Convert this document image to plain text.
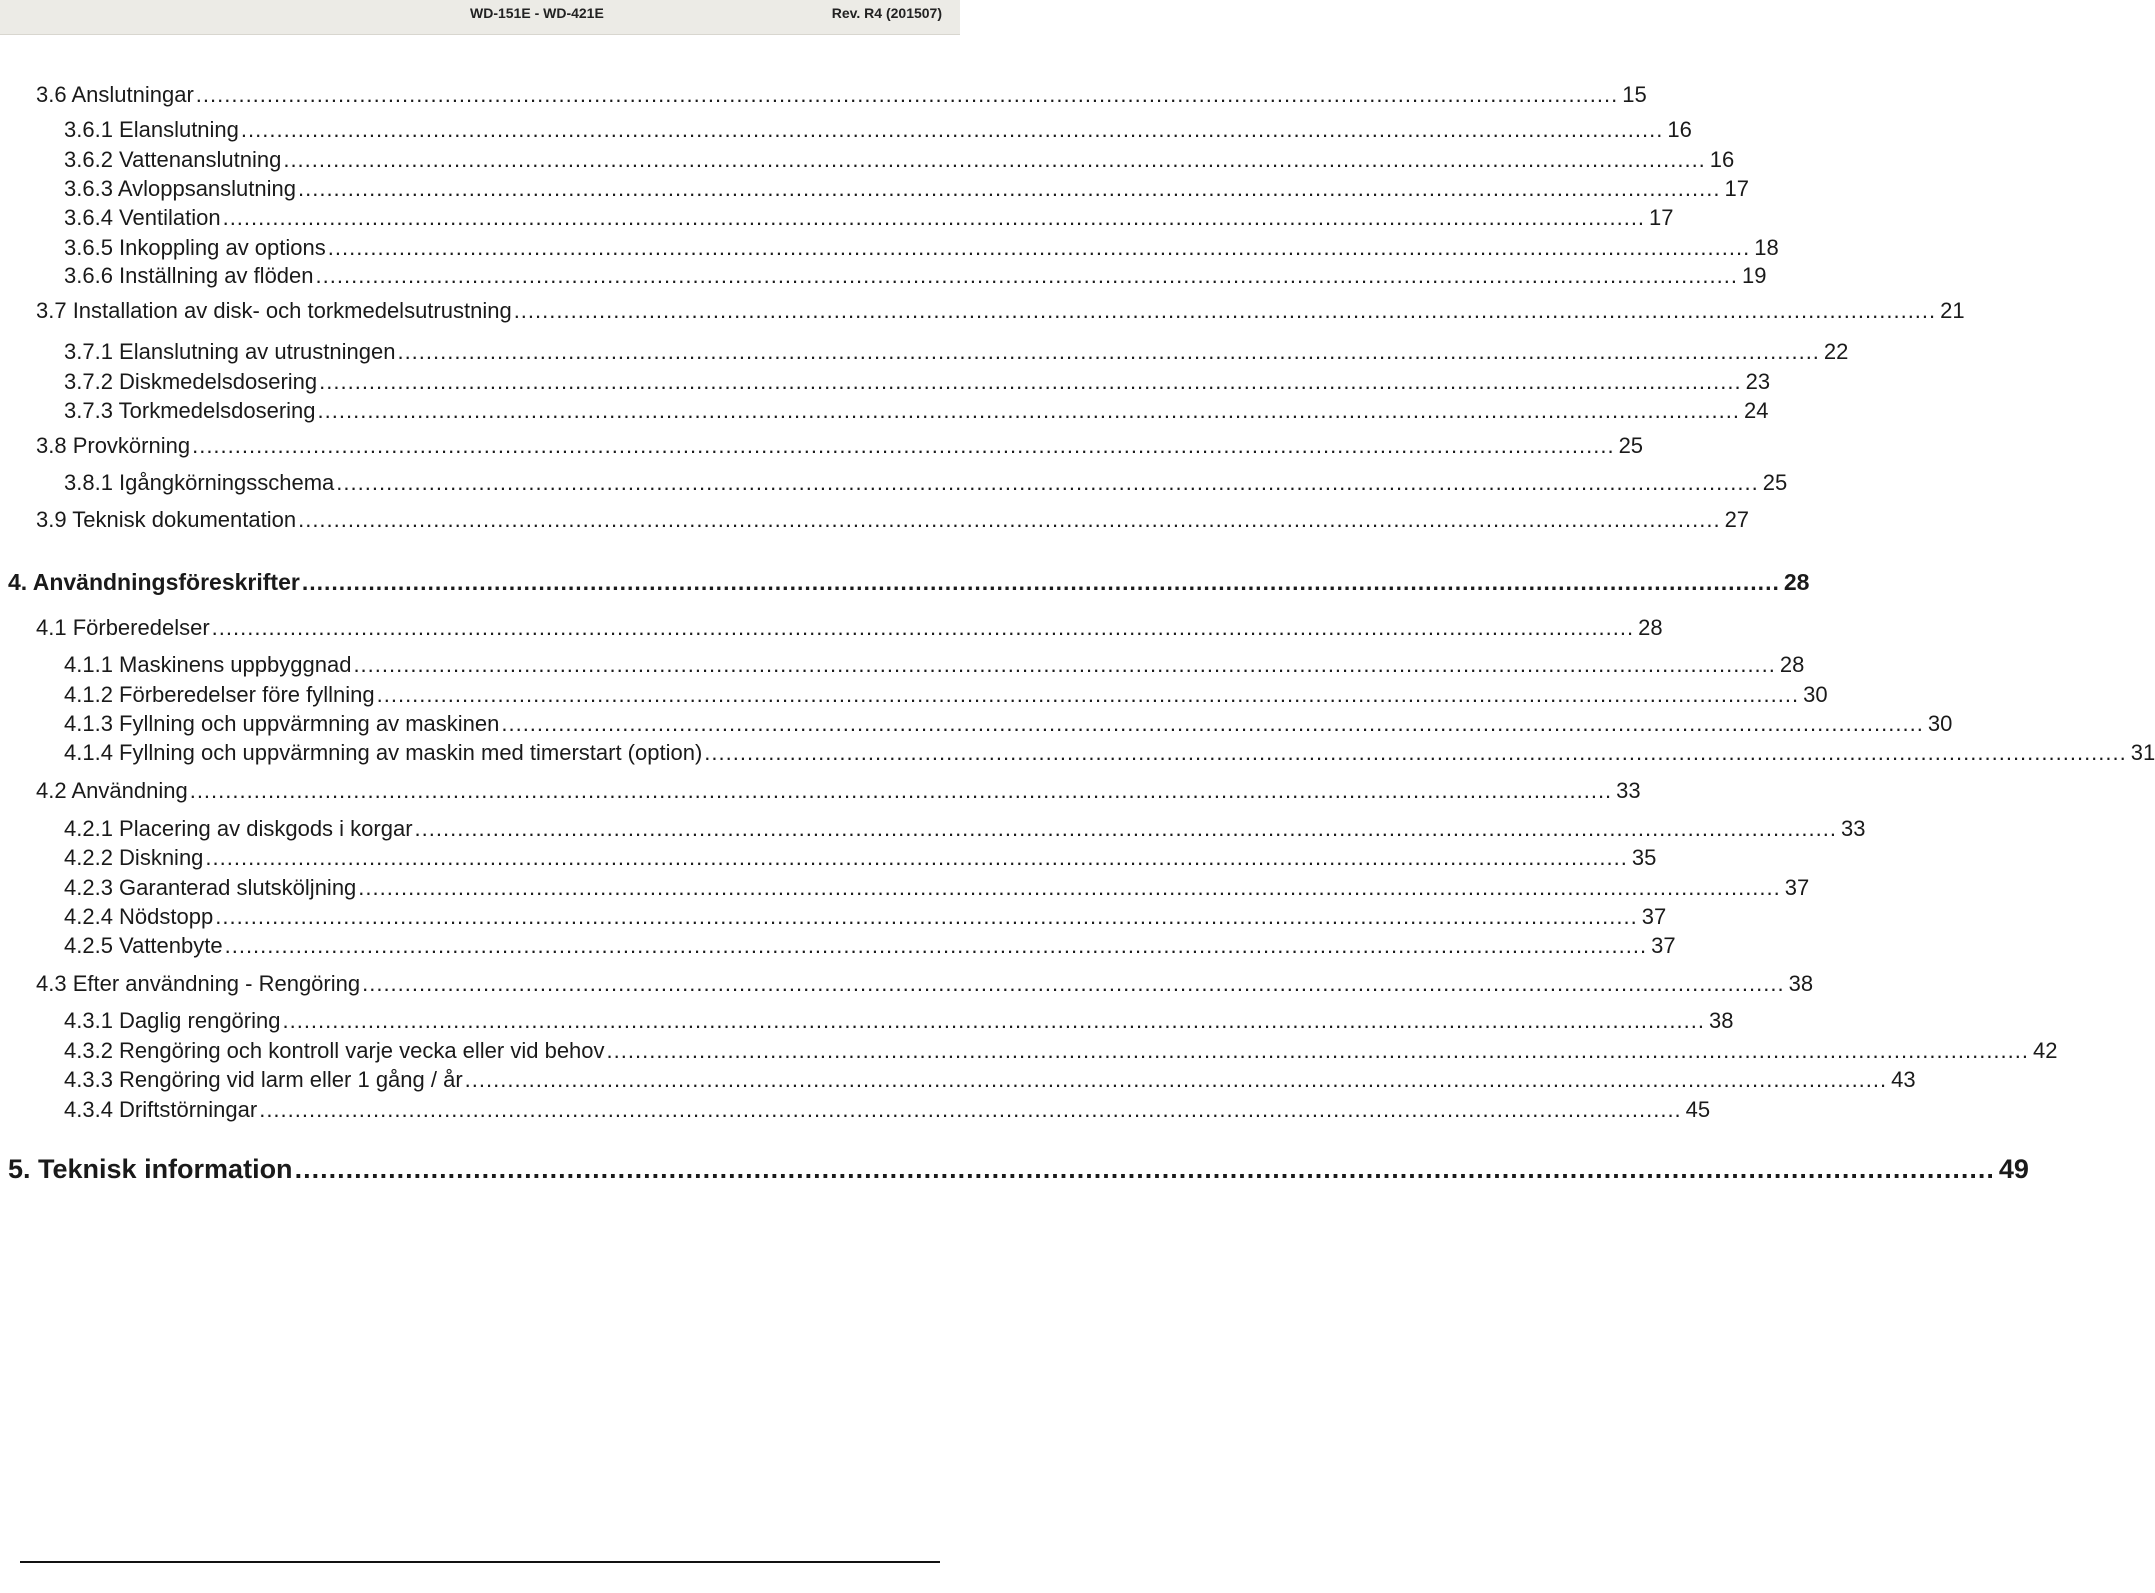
WD-151E - WD-421E	Rev. R4 (201507)
3.6 Anslutningar ........................................................................................................................................................................................................ 15
3.6.1 Elanslutning ........................................................................................................................................................................................................ 16
3.6.2 Vattenanslutning ........................................................................................................................................................................................................ 16
3.6.3 Avloppsanslutning ........................................................................................................................................................................................................ 17
3.6.4 Ventilation ........................................................................................................................................................................................................ 17
3.6.5 Inkoppling av options ........................................................................................................................................................................................................ 18
3.6.6 Inställning av flöden ........................................................................................................................................................................................................ 19
3.7 Installation av disk- och torkmedelsutrustning ........................................................................................................................................................................................................ 21
3.7.1 Elanslutning av utrustningen ........................................................................................................................................................................................................ 22
3.7.2 Diskmedelsdosering ........................................................................................................................................................................................................ 23
3.7.3 Torkmedelsdosering ........................................................................................................................................................................................................ 24
3.8 Provkörning ........................................................................................................................................................................................................ 25
3.8.1 Igångkörningsschema ........................................................................................................................................................................................................ 25
3.9 Teknisk dokumentation ........................................................................................................................................................................................................ 27
4. Användningsföreskrifter ........................................................................................................................................................................................................ 28
4.1 Förberedelser ........................................................................................................................................................................................................ 28
4.1.1 Maskinens uppbyggnad ........................................................................................................................................................................................................ 28
4.1.2 Förberedelser före fyllning ........................................................................................................................................................................................................ 30
4.1.3 Fyllning och uppvärmning av maskinen ........................................................................................................................................................................................................ 30
4.1.4 Fyllning och uppvärmning av maskin med timerstart (option) ........................................................................................................................................................................................................ 31
4.2 Användning ........................................................................................................................................................................................................ 33
4.2.1 Placering av diskgods i korgar ........................................................................................................................................................................................................ 33
4.2.2 Diskning ........................................................................................................................................................................................................ 35
4.2.3 Garanterad slutsköljning ........................................................................................................................................................................................................ 37
4.2.4 Nödstopp ........................................................................................................................................................................................................ 37
4.2.5 Vattenbyte ........................................................................................................................................................................................................ 37
4.3 Efter användning - Rengöring ........................................................................................................................................................................................................ 38
4.3.1 Daglig rengöring ........................................................................................................................................................................................................ 38
4.3.2 Rengöring och kontroll varje vecka eller vid behov ........................................................................................................................................................................................................ 42
4.3.3 Rengöring vid larm eller 1 gång / år ........................................................................................................................................................................................................ 43
4.3.4 Driftstörningar ........................................................................................................................................................................................................ 45
5. Teknisk information ........................................................................................................................................................................................................ 49
